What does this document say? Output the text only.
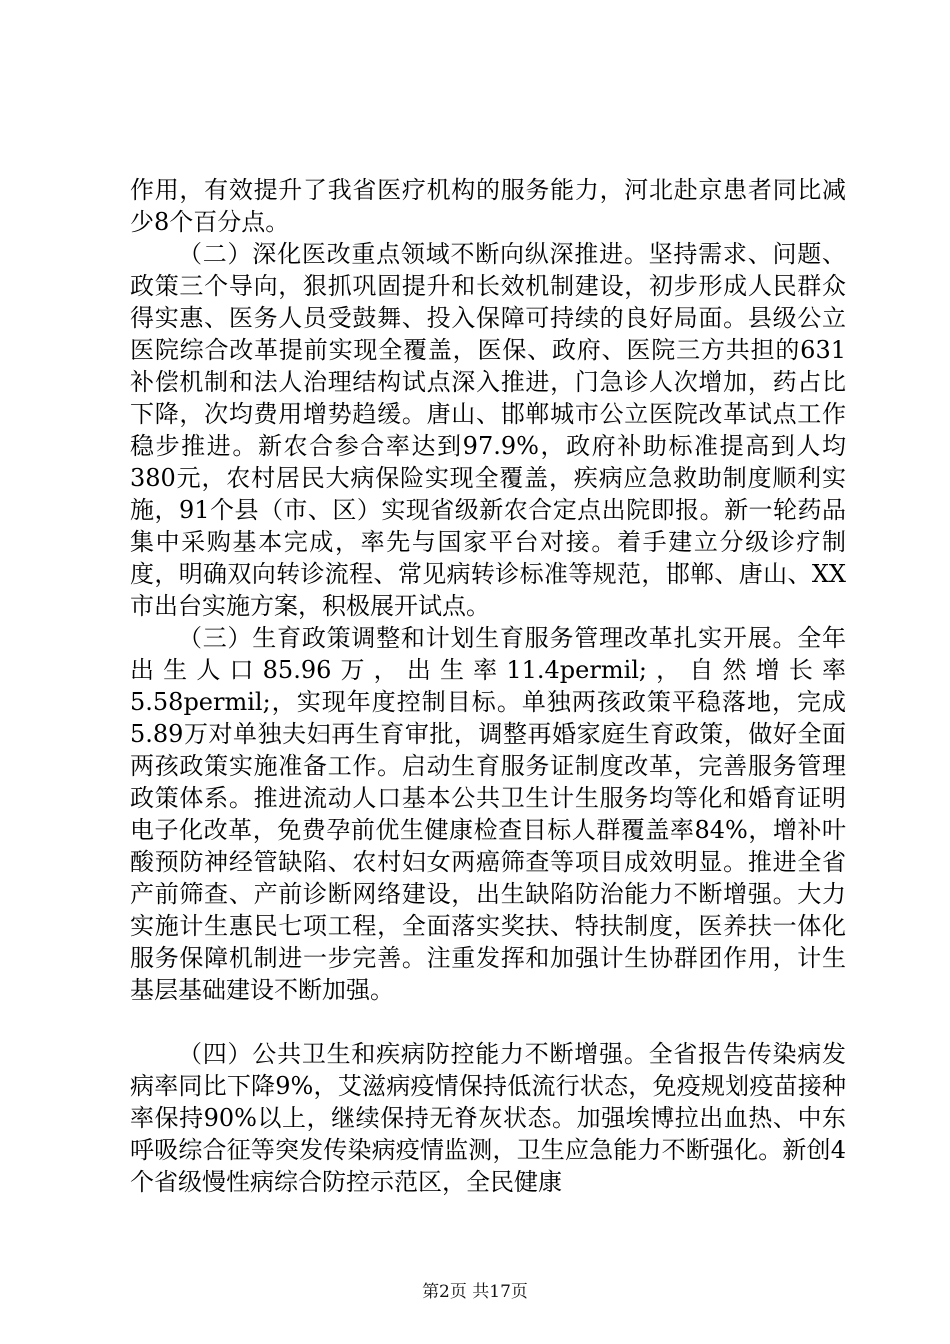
作用，有效提升了我省医疗机构的服务能力，河北赴京患者同比减少8个百分点。

（二）深化医改重点领域不断向纵深推进。坚持需求、问题、政策三个导向，狠抓巩固提升和长效机制建设，初步形成人民群众得实惠、医务人员受鼓舞、投入保障可持续的良好局面。县级公立医院综合改革提前实现全覆盖，医保、政府、医院三方共担的631补偿机制和法人治理结构试点深入推进，门急诊人次增加，药占比下降，次均费用增势趋缓。唐山、邯郸城市公立医院改革试点工作稳步推进。新农合参合率达到97.9%，政府补助标准提高到人均380元，农村居民大病保险实现全覆盖，疾病应急救助制度顺利实施，91个县（市、区）实现省级新农合定点出院即报。新一轮药品集中采购基本完成，率先与国家平台对接。着手建立分级诊疗制度，明确双向转诊流程、常见病转诊标准等规范，邯郸、唐山、XX市出台实施方案，积极展开试点。

（三）生育政策调整和计划生育服务管理改革扎实开展。全年出生人口85.96万，出生率11.4permil;，自然增长率5.58permil;，实现年度控制目标。单独两孩政策平稳落地，完成5.89万对单独夫妇再生育审批，调整再婚家庭生育政策，做好全面两孩政策实施准备工作。启动生育服务证制度改革，完善服务管理政策体系。推进流动人口基本公共卫生计生服务均等化和婚育证明电子化改革，免费孕前优生健康检查目标人群覆盖率84%，增补叶酸预防神经管缺陷、农村妇女两癌筛查等项目成效明显。推进全省产前筛查、产前诊断网络建设，出生缺陷防治能力不断增强。大力实施计生惠民七项工程，全面落实奖扶、特扶制度，医养扶一体化服务保障机制进一步完善。注重发挥和加强计生协群团作用，计生基层基础建设不断加强。

（四）公共卫生和疾病防控能力不断增强。全省报告传染病发病率同比下降9%，艾滋病疫情保持低流行状态，免疫规划疫苗接种率保持90%以上，继续保持无脊灰状态。加强埃博拉出血热、中东呼吸综合征等突发传染病疫情监测，卫生应急能力不断强化。新创4个省级慢性病综合防控示范区，全民健康

第2页 共17页
